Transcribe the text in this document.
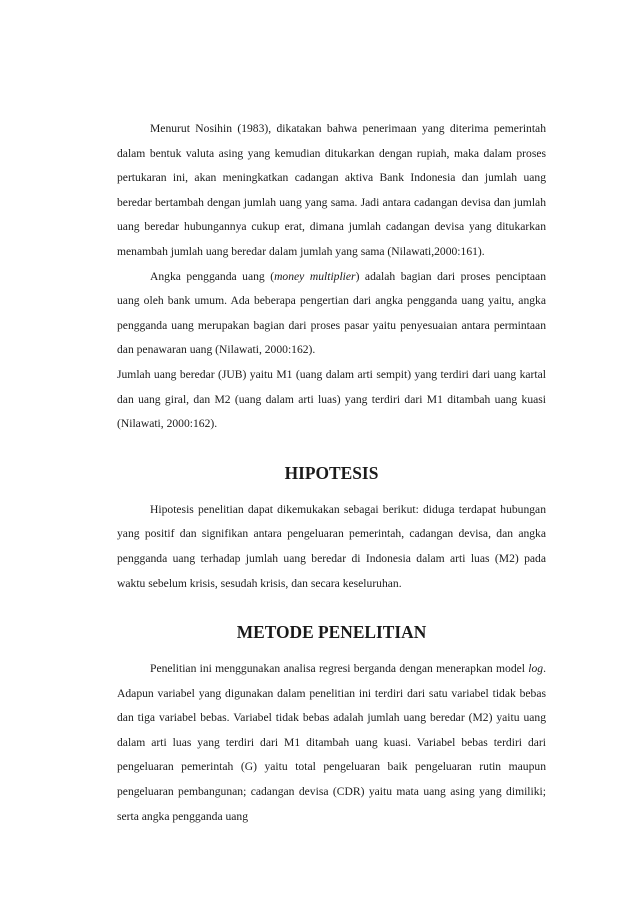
Menurut Nosihin (1983), dikatakan bahwa penerimaan yang diterima pemerintah dalam bentuk valuta asing yang kemudian ditukarkan dengan rupiah, maka dalam proses pertukaran ini, akan meningkatkan cadangan aktiva Bank Indonesia dan jumlah uang beredar bertambah dengan jumlah uang yang sama. Jadi antara cadangan devisa dan jumlah uang beredar hubungannya cukup erat, dimana jumlah cadangan devisa yang ditukarkan menambah jumlah uang beredar dalam jumlah yang sama (Nilawati,2000:161).

Angka pengganda uang (money multiplier) adalah bagian dari proses penciptaan uang oleh bank umum. Ada beberapa pengertian dari angka pengganda uang yaitu, angka pengganda uang merupakan bagian dari proses pasar yaitu penyesuaian antara permintaan dan penawaran uang (Nilawati, 2000:162).

Jumlah uang beredar (JUB) yaitu M1 (uang dalam arti sempit) yang terdiri dari uang kartal dan uang giral, dan M2 (uang dalam arti luas) yang terdiri dari M1 ditambah uang kuasi (Nilawati, 2000:162).

HIPOTESIS

Hipotesis penelitian dapat dikemukakan sebagai berikut: diduga terdapat hubungan yang positif dan signifikan antara pengeluaran pemerintah, cadangan devisa, dan angka pengganda uang terhadap jumlah uang beredar di Indonesia dalam arti luas (M2) pada waktu sebelum krisis, sesudah krisis, dan secara keseluruhan.

METODE PENELITIAN

Penelitian ini menggunakan analisa regresi berganda dengan menerapkan model log. Adapun variabel yang digunakan dalam penelitian ini terdiri dari satu variabel tidak bebas dan tiga variabel bebas. Variabel tidak bebas adalah jumlah uang beredar (M2) yaitu uang dalam arti luas yang terdiri dari M1 ditambah uang kuasi. Variabel bebas terdiri dari pengeluaran pemerintah (G) yaitu total pengeluaran baik pengeluaran rutin maupun pengeluaran pembangunan; cadangan devisa (CDR) yaitu mata uang asing yang dimiliki; serta angka pengganda uang
